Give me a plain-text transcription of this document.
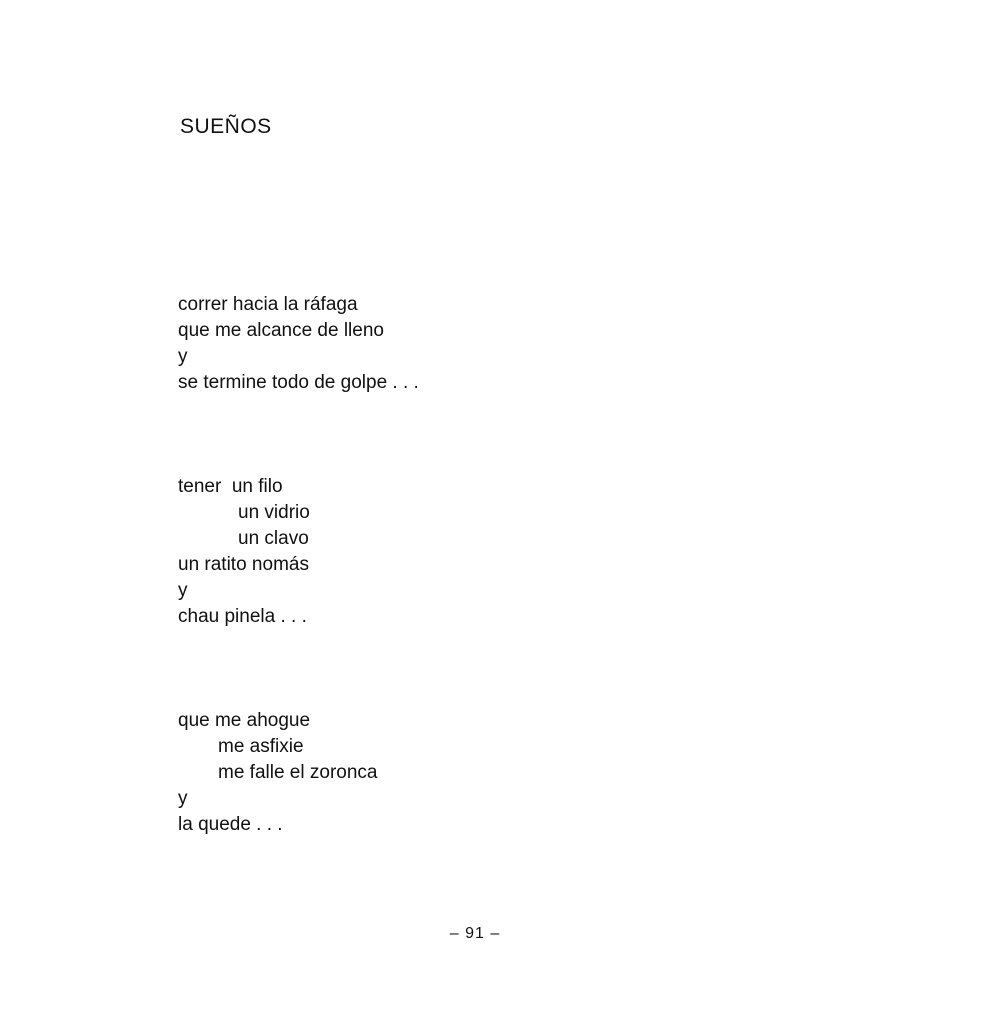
SUEÑOS
correr hacia la ráfaga
que me alcance de lleno
y
se termine todo de golpe . . .
tener  un filo
un vidrio
un clavo
un ratito nomás
y
chau pinela . . .
que me ahogue
me asfixie
me falle el zoronca
y
la quede . . .
– 91 –
